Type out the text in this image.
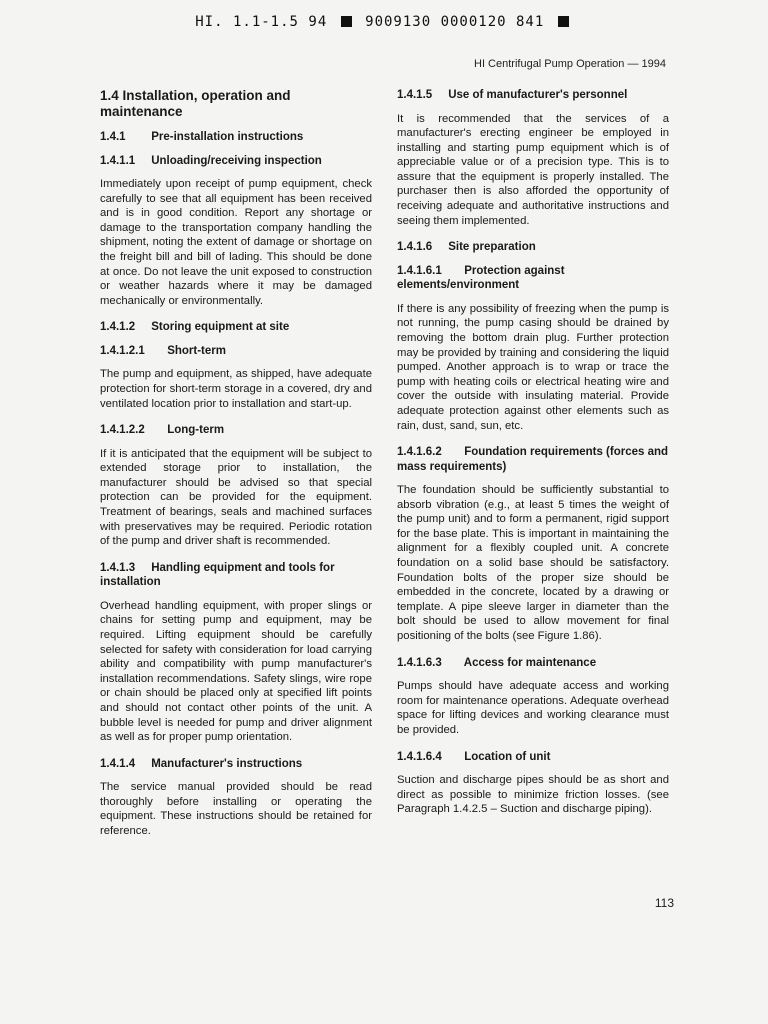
HI. 1.1-1.5 94	9009130 0000120 841
HI Centrifugal Pump Operation — 1994
1.4 Installation, operation and maintenance
1.4.1 Pre-installation instructions
1.4.1.1 Unloading/receiving inspection

Immediately upon receipt of pump equipment, check carefully to see that all equipment has been received and is in good condition. Report any shortage or damage to the transportation company handling the shipment, noting the extent of damage or shortage on the freight bill and bill of lading. This should be done at once. Do not leave the unit exposed to construction or weather hazards where it may be damaged mechanically or environmentally.

1.4.1.2 Storing equipment at site
1.4.1.2.1 Short-term

The pump and equipment, as shipped, have adequate protection for short-term storage in a covered, dry and ventilated location prior to installation and start-up.

1.4.1.2.2 Long-term

If it is anticipated that the equipment will be subject to extended storage prior to installation, the manufacturer should be advised so that special protection can be provided for the equipment. Treatment of bearings, seals and machined surfaces with preservatives may be required. Periodic rotation of the pump and driver shaft is recommended.

1.4.1.3 Handling equipment and tools for installation

Overhead handling equipment, with proper slings or chains for setting pump and equipment, may be required. Lifting equipment should be carefully selected for safety with consideration for load carrying ability and compatibility with pump manufacturer's installation recommendations. Safety slings, wire rope or chain should be placed only at specified lift points and should not contact other points of the unit. A bubble level is needed for pump and driver alignment as well as for proper pump orientation.

1.4.1.4 Manufacturer's instructions

The service manual provided should be read thoroughly before installing or operating the equipment. These instructions should be retained for reference.

1.4.1.5 Use of manufacturer's personnel

It is recommended that the services of a manufacturer's erecting engineer be employed in installing and starting pump equipment which is of appreciable value or of a precision type. This is to assure that the equipment is properly installed. The purchaser then is also afforded the opportunity of receiving adequate and authoritative instructions and seeing them implemented.

1.4.1.6 Site preparation
1.4.1.6.1 Protection against elements/environment

If there is any possibility of freezing when the pump is not running, the pump casing should be drained by removing the bottom drain plug. Further protection may be provided by training and considering the liquid pumped. Another approach is to wrap or trace the pump with heating coils or electrical heating wire and cover the outside with insulating material. Provide adequate protection against other elements such as rain, dust, sand, sun, etc.

1.4.1.6.2 Foundation requirements (forces and mass requirements)

The foundation should be sufficiently substantial to absorb vibration (e.g., at least 5 times the weight of the pump unit) and to form a permanent, rigid support for the base plate. This is important in maintaining the alignment for a flexibly coupled unit. A concrete foundation on a solid base should be satisfactory. Foundation bolts of the proper size should be embedded in the concrete, located by a drawing or template. A pipe sleeve larger in diameter than the bolt should be used to allow movement for final positioning of the bolts (see Figure 1.86).

1.4.1.6.3 Access for maintenance

Pumps should have adequate access and working room for maintenance operations. Adequate overhead space for lifting devices and working clearance must be provided.

1.4.1.6.4 Location of unit

Suction and discharge pipes should be as short and direct as possible to minimize friction losses. (see Paragraph 1.4.2.5 – Suction and discharge piping).

113
